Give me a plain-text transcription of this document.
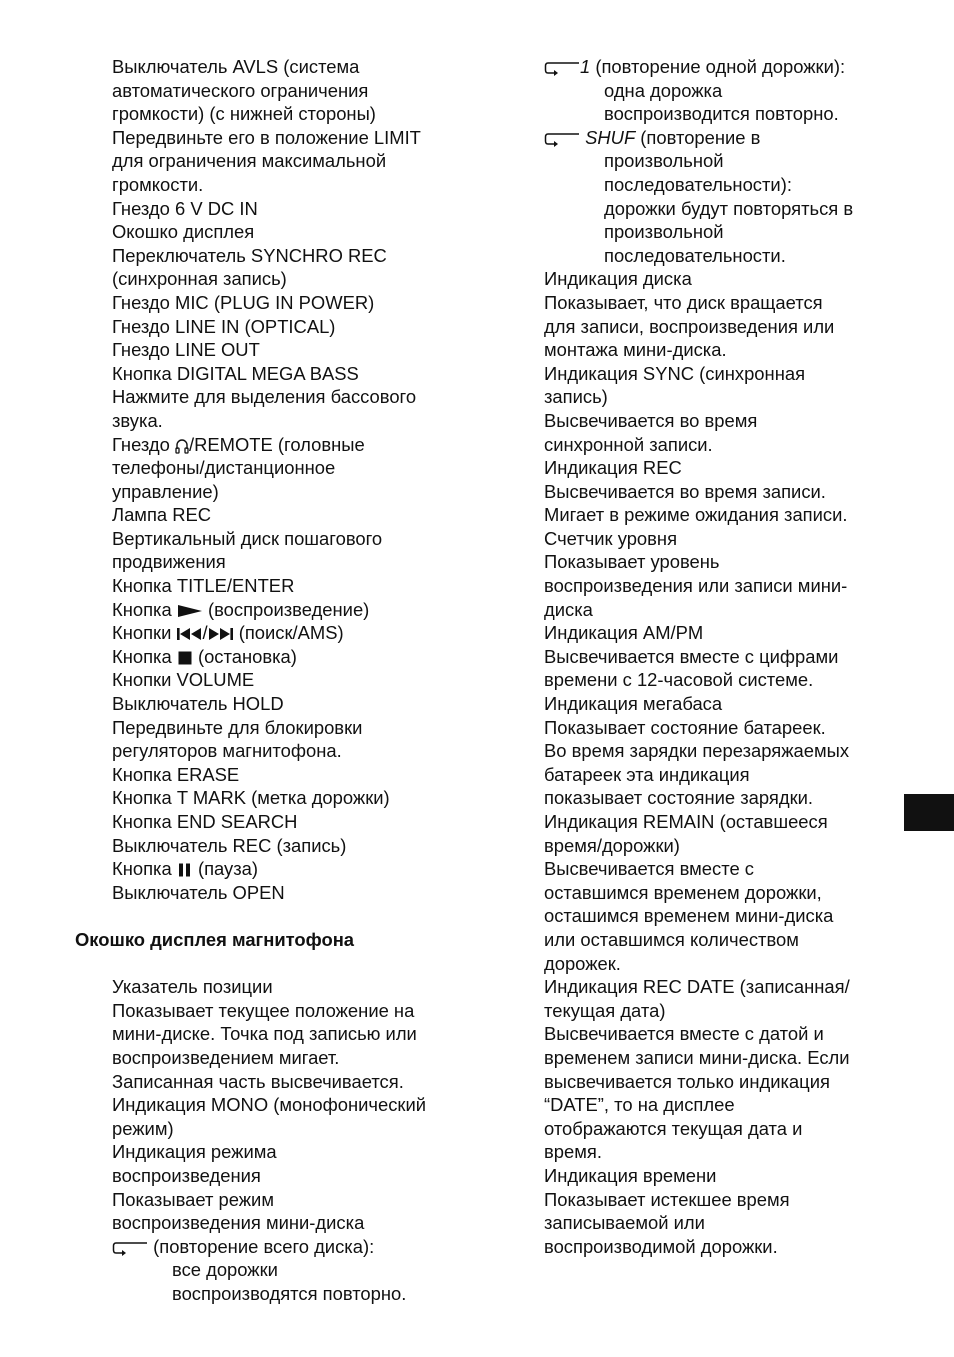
Выключатель AVLS (система
автоматического ограничения
громкости) (с нижней стороны)
Передвиньте его в положение LIMIT
для ограничения максимальной
громкости.
Гнездо 6 V DC IN
Окошко дисплея
Переключатель SYNCHRO REC
(синхронная запись)
Гнездо MIC (PLUG IN POWER)
Гнездо LINE IN (OPTICAL)
Гнездо LINE OUT
Кнопка DIGITAL MEGA BASS
Нажмите для выделения бассового
звука.
Гнездо /REMOTE (головные
телефоны/дистанционное
управление)
Лампа REC
Вертикальный диск пошагового
продвижения
Кнопка TITLE/ENTER
Кнопка  (воспроизведение)
Кнопки / (поиск/AMS)
Кнопка  (остановка)
Кнопки VOLUME
Выключатель HOLD
Передвиньте для блокировки
регуляторов магнитофона.
Кнопка ERASE
Кнопка T MARK (метка дорожки)
Кнопка END SEARCH
Выключатель REC (запись)
Кнопка  (пауза)
Выключатель OPEN
Окошко дисплея магнитофона
Указатель позиции
Показывает текущее положение на
мини-диске. Точка под записью или
воспроизведением мигает.
Записанная часть высвечивается.
Индикация MONO (монофонический
режим)
Индикация режима
воспроизведения
Показывает режим
воспроизведения мини-диска
(повторение всего диска):
все дорожки
воспроизводятся повторно.
1 (повторение одной дорожки):
одна дорожка
воспроизводится повторно.
SHUF (повторение в
произвольной
последовательности):
дорожки будут повторяться в
произвольной
последовательности.
Индикация диска
Показывает, что диск вращается
для записи, воспроизведения или
монтажа мини-диска.
Индикация SYNC (синхронная
запись)
Высвечивается во время
синхронной записи.
Индикация REC
Высвечивается во время записи.
Мигает в режиме ожидания записи.
Счетчик уровня
Показывает уровень
воспроизведения или записи мини-
диска
Индикация AM/PM
Высвечивается вместе с цифрами
времени с 12-часовой системе.
Индикация мегабаса
Показывает состояние батареек.
Во время зарядки перезаряжаемых
батареек эта индикация
показывает состояние зарядки.
Индикация REMAIN (оставшееся
время/дорожки)
Высвечивается вместе с
оставшимся временем дорожки,
осташимся временем мини-диска
или оставшимся количеством
дорожек.
Индикация REC DATE (записанная/
текущая дата)
Высвечивается вместе с датой и
временем записи мини-диска. Если
высвечивается только индикация
“DATE”, то на дисплее
отображаются текущая дата и
время.
Индикация времени
Показывает истекшее время
записываемой или
воспроизводимой дорожки.
